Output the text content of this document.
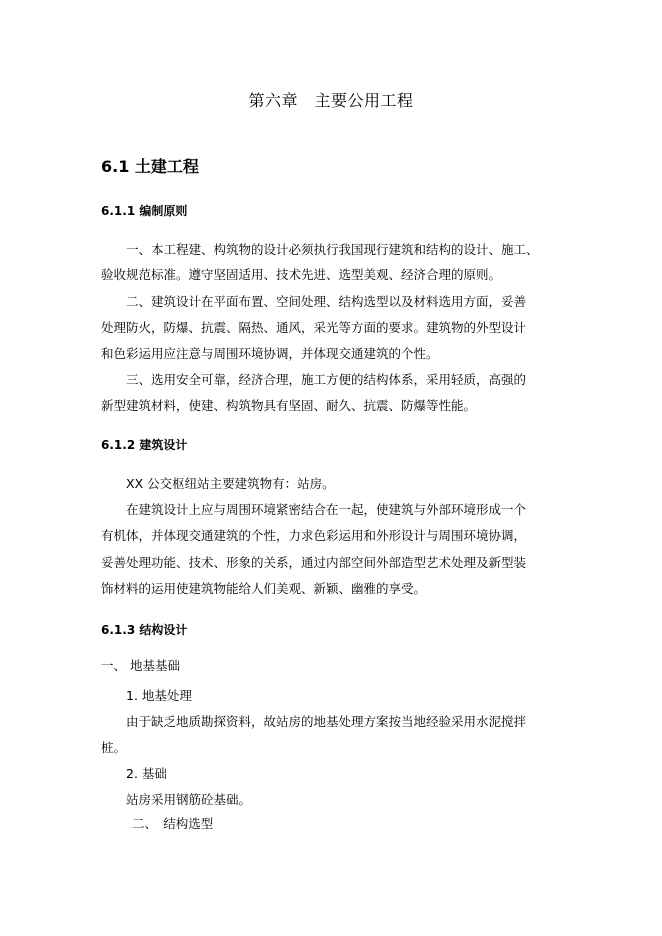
第六章　主要公用工程
6.1 土建工程
6.1.1 编制原则
一、本工程建、构筑物的设计必须执行我国现行建筑和结构的设计、施工、
验收规范标准。遵守坚固适用、技术先进、选型美观、经济合理的原则。
二、建筑设计在平面布置、空间处理、结构选型以及材料选用方面，妥善
处理防火，防爆、抗震、隔热、通风，采光等方面的要求。建筑物的外型设计
和色彩运用应注意与周围环境协调，并体现交通建筑的个性。
三、选用安全可靠，经济合理，施工方便的结构体系，采用轻质，高强的
新型建筑材料，使建、构筑物具有坚固、耐久、抗震、防爆等性能。
6.1.2 建筑设计
XX 公交枢纽站主要建筑物有：站房。
在建筑设计上应与周围环境紧密结合在一起，使建筑与外部环境形成一个
有机体，并体现交通建筑的个性，力求色彩运用和外形设计与周围环境协调，
妥善处理功能、技术、形象的关系，通过内部空间外部造型艺术处理及新型装
饰材料的运用使建筑物能给人们美观、新颖、幽雅的享受。
6.1.3 结构设计
一、 地基基础
1. 地基处理
由于缺乏地质勘探资料，故站房的地基处理方案按当地经验采用水泥搅拌
桩。
2. 基础
站房采用钢筋砼基础。
二、　结构选型
